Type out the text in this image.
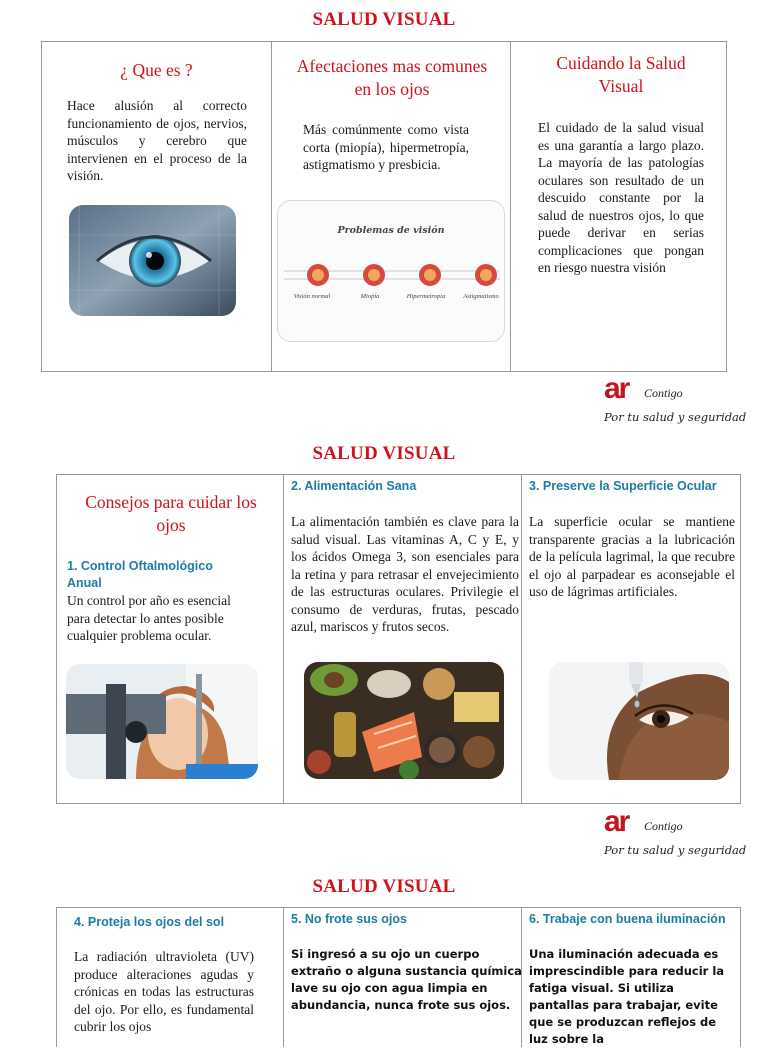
SALUD VISUAL
¿ Que es ?
Hace alusión al correcto funcionamiento de ojos, nervios, músculos y cerebro que intervienen en el proceso de la visión.
Afectaciones mas comunes en los ojos
Más comúnmente como vista corta (miopía), hipermetropía, astigmatismo y presbicia.
Problemas de visión
Visión normal	Miopía	Hipermetropía	Astigmatismo
Cuidando la Salud Visual
El cuidado de la salud visual es una garantía a largo plazo. La mayoría de las patologías oculares son resultado de un descuido constante por la salud de nuestros ojos, lo que puede derivar en serias complicaciones que pongan en riesgo nuestra visión
ar Contigo
Por tu salud y seguridad
SALUD VISUAL
Consejos para cuidar los ojos
1. Control Oftalmológico Anual
Un control por año es esencial para detectar lo antes posible cualquier problema ocular.
2. Alimentación Sana
La alimentación también es clave para la salud visual. Las vitaminas A, C y E, y los ácidos Omega 3, son esenciales para la retina y para retrasar el envejecimiento de las estructuras oculares. Privilegie el consumo de verduras, frutas, pescado azul, mariscos y frutos secos.
3. Preserve la Superficie Ocular
La superficie ocular se mantiene transparente gracias a la lubricación de la película lagrimal, la que recubre el ojo al parpadear es aconsejable el uso de lágrimas artificiales.
ar Contigo
Por tu salud y seguridad
SALUD VISUAL
4. Proteja los ojos del sol
La radiación ultravioleta (UV) produce alteraciones agudas y crónicas en todas las estructuras del ojo. Por ello, es fundamental cubrir los ojos
5. No frote sus ojos
Si ingresó a su ojo un cuerpo extraño o alguna sustancia química lave su ojo con agua limpia en abundancia, nunca frote sus ojos.
6. Trabaje con buena iluminación
Una iluminación adecuada es imprescindible para reducir la fatiga visual. Si utiliza pantallas para trabajar, evite que se produzcan reflejos de luz sobre la
